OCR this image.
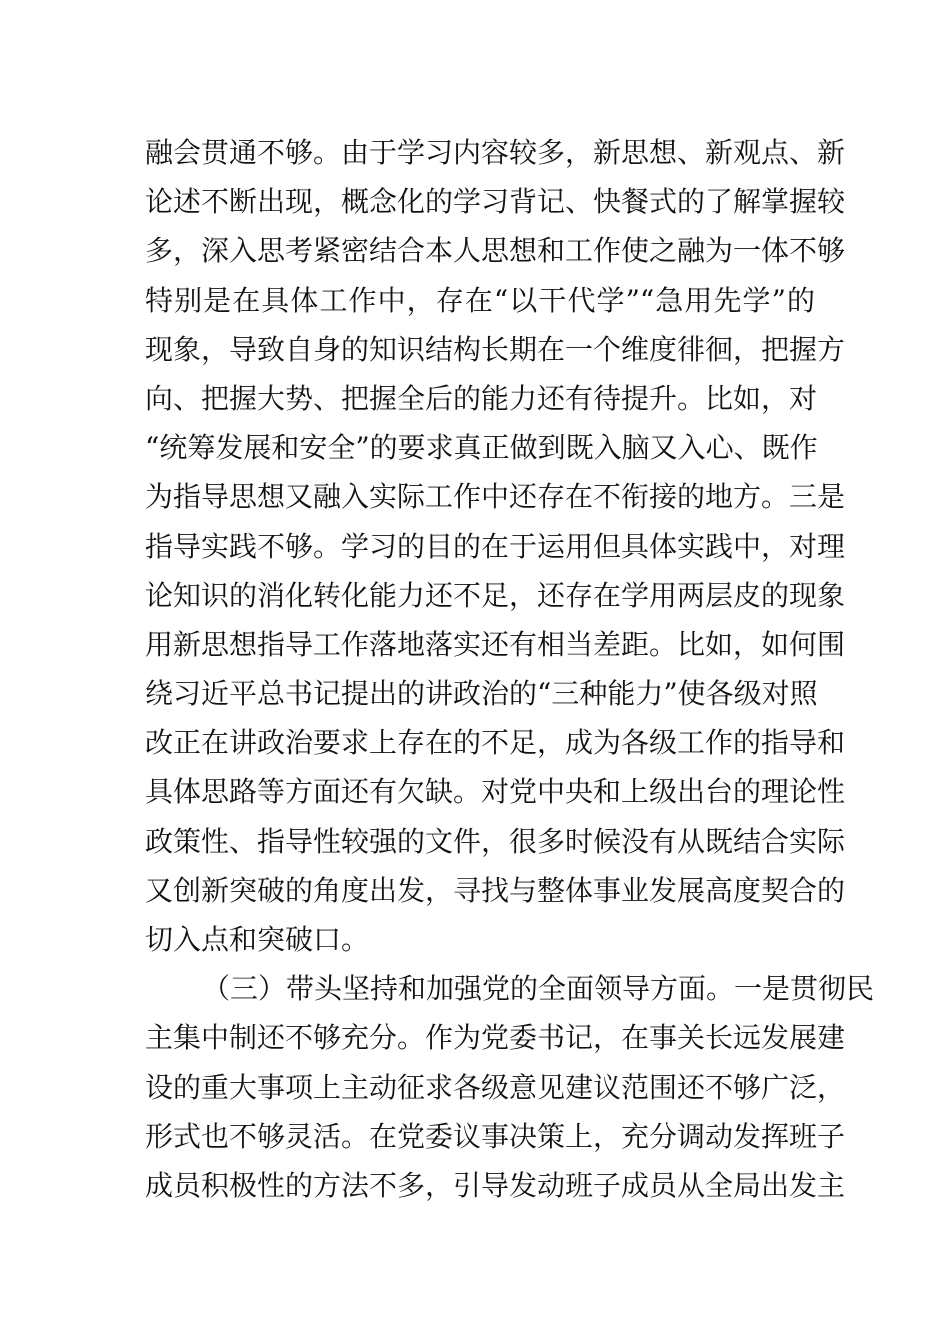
融会贯通不够。由于学习内容较多，新思想、新观点、新
论述不断出现，概念化的学习背记、快餐式的了解掌握较
多，深入思考紧密结合本人思想和工作使之融为一体不够
特别是在具体工作中，存在“以干代学”“急用先学”的
现象，导致自身的知识结构长期在一个维度徘徊，把握方
向、把握大势、把握全后的能力还有待提升。比如，对
“统筹发展和安全”的要求真正做到既入脑又入心、既作
为指导思想又融入实际工作中还存在不衔接的地方。三是
指导实践不够。学习的目的在于运用但具体实践中，对理
论知识的消化转化能力还不足，还存在学用两层皮的现象
用新思想指导工作落地落实还有相当差距。比如，如何围
绕习近平总书记提出的讲政治的“三种能力”使各级对照
改正在讲政治要求上存在的不足，成为各级工作的指导和
具体思路等方面还有欠缺。对党中央和上级出台的理论性
政策性、指导性较强的文件，很多时候没有从既结合实际
又创新突破的角度出发，寻找与整体事业发展高度契合的
切入点和突破口。
（三）带头坚持和加强党的全面领导方面。一是贯彻民
主集中制还不够充分。作为党委书记，在事关长远发展建
设的重大事项上主动征求各级意见建议范围还不够广泛，
形式也不够灵活。在党委议事决策上，充分调动发挥班子
成员积极性的方法不多，引导发动班子成员从全局出发主
